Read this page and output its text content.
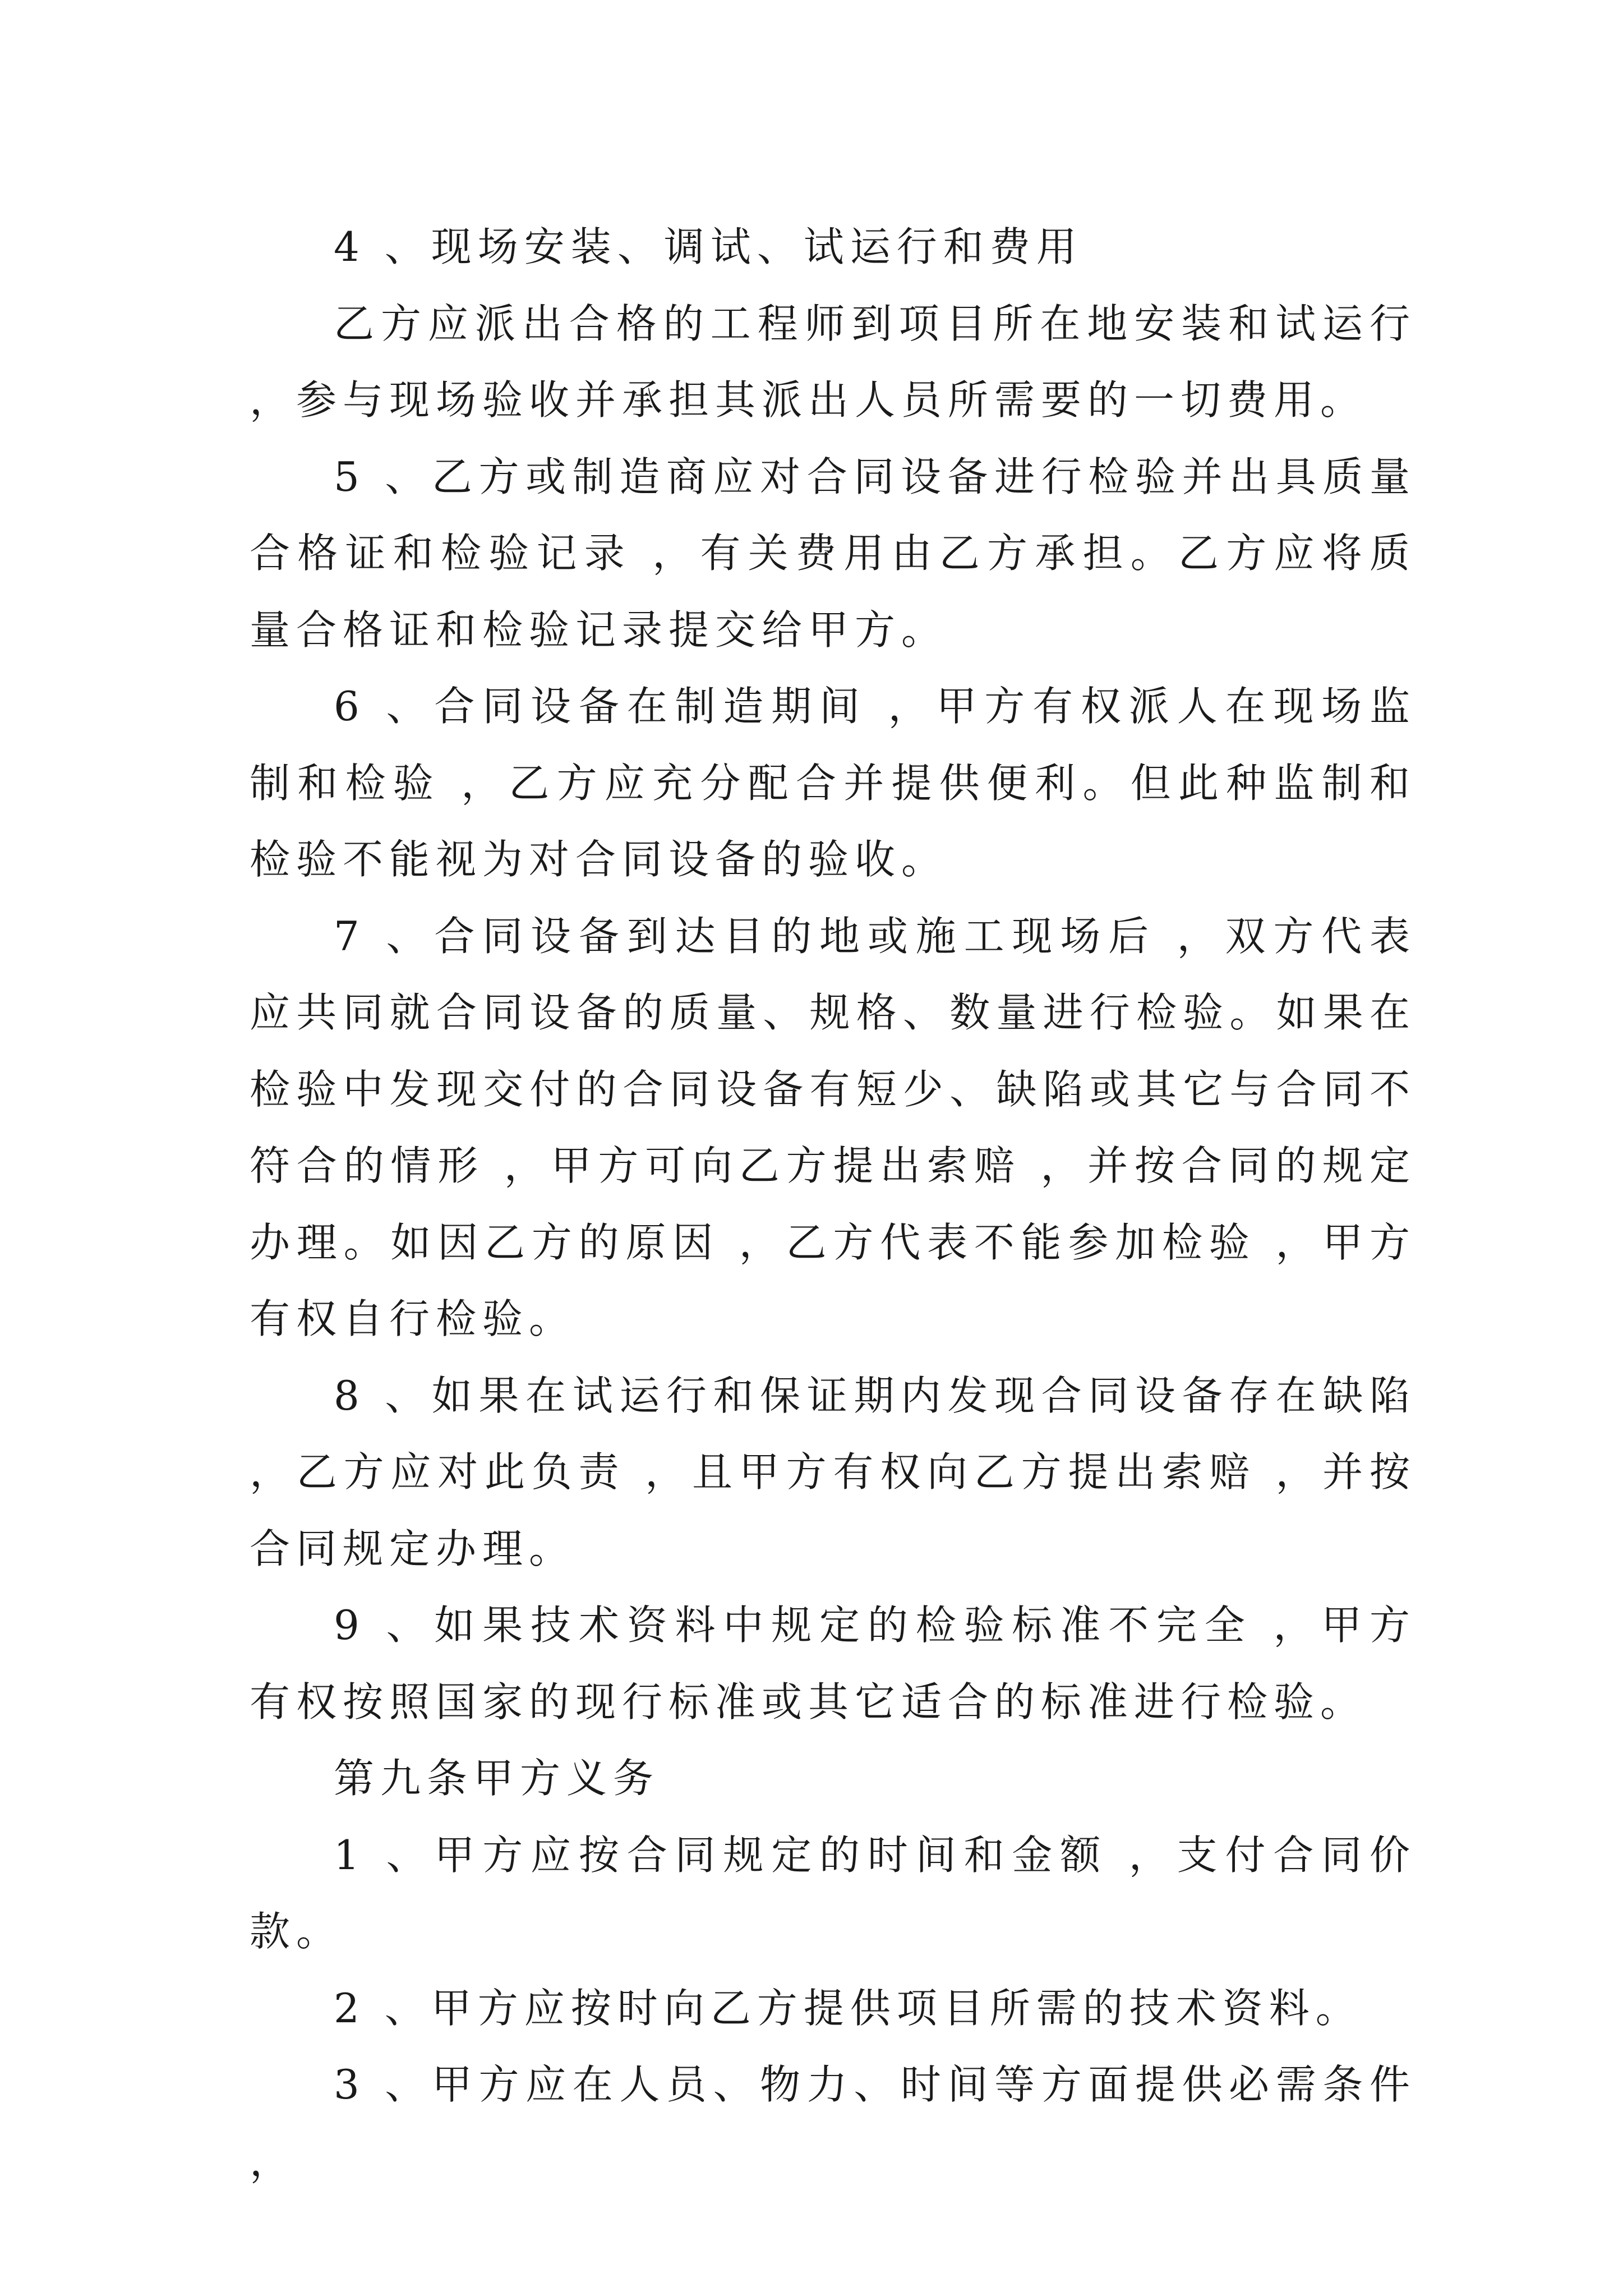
4 、现场安装、调试、试运行和费用

乙方应派出合格的工程师到项目所在地安装和试运行 ，参与现场验收并承担其派出人员所需要的一切费用。

5 、乙方或制造商应对合同设备进行检验并出具质量合格证和检验记录 ，有关费用由乙方承担。乙方应将质量合格证和检验记录提交给甲方。

6 、合同设备在制造期间 ，甲方有权派人在现场监制和检验 ，乙方应充分配合并提供便利。但此种监制和检验不能视为对合同设备的验收。

7 、合同设备到达目的地或施工现场后 ，双方代表应共同就合同设备的质量、规格、数量进行检验。如果在检验中发现交付的合同设备有短少、缺陷或其它与合同不符合的情形 ，甲方可向乙方提出索赔 ，并按合同的规定办理。如因乙方的原因 ，乙方代表不能参加检验 ，甲方有权自行检验。

8 、如果在试运行和保证期内发现合同设备存在缺陷 ，乙方应对此负责 ，且甲方有权向乙方提出索赔 ，并按合同规定办理。

9 、如果技术资料中规定的检验标准不完全 ，甲方有权按照国家的现行标准或其它适合的标准进行检验。

第九条甲方义务

1 、甲方应按合同规定的时间和金额 ，支付合同价款。

2 、甲方应按时向乙方提供项目所需的技术资料。

3 、甲方应在人员、物力、时间等方面提供必需条件 ，
